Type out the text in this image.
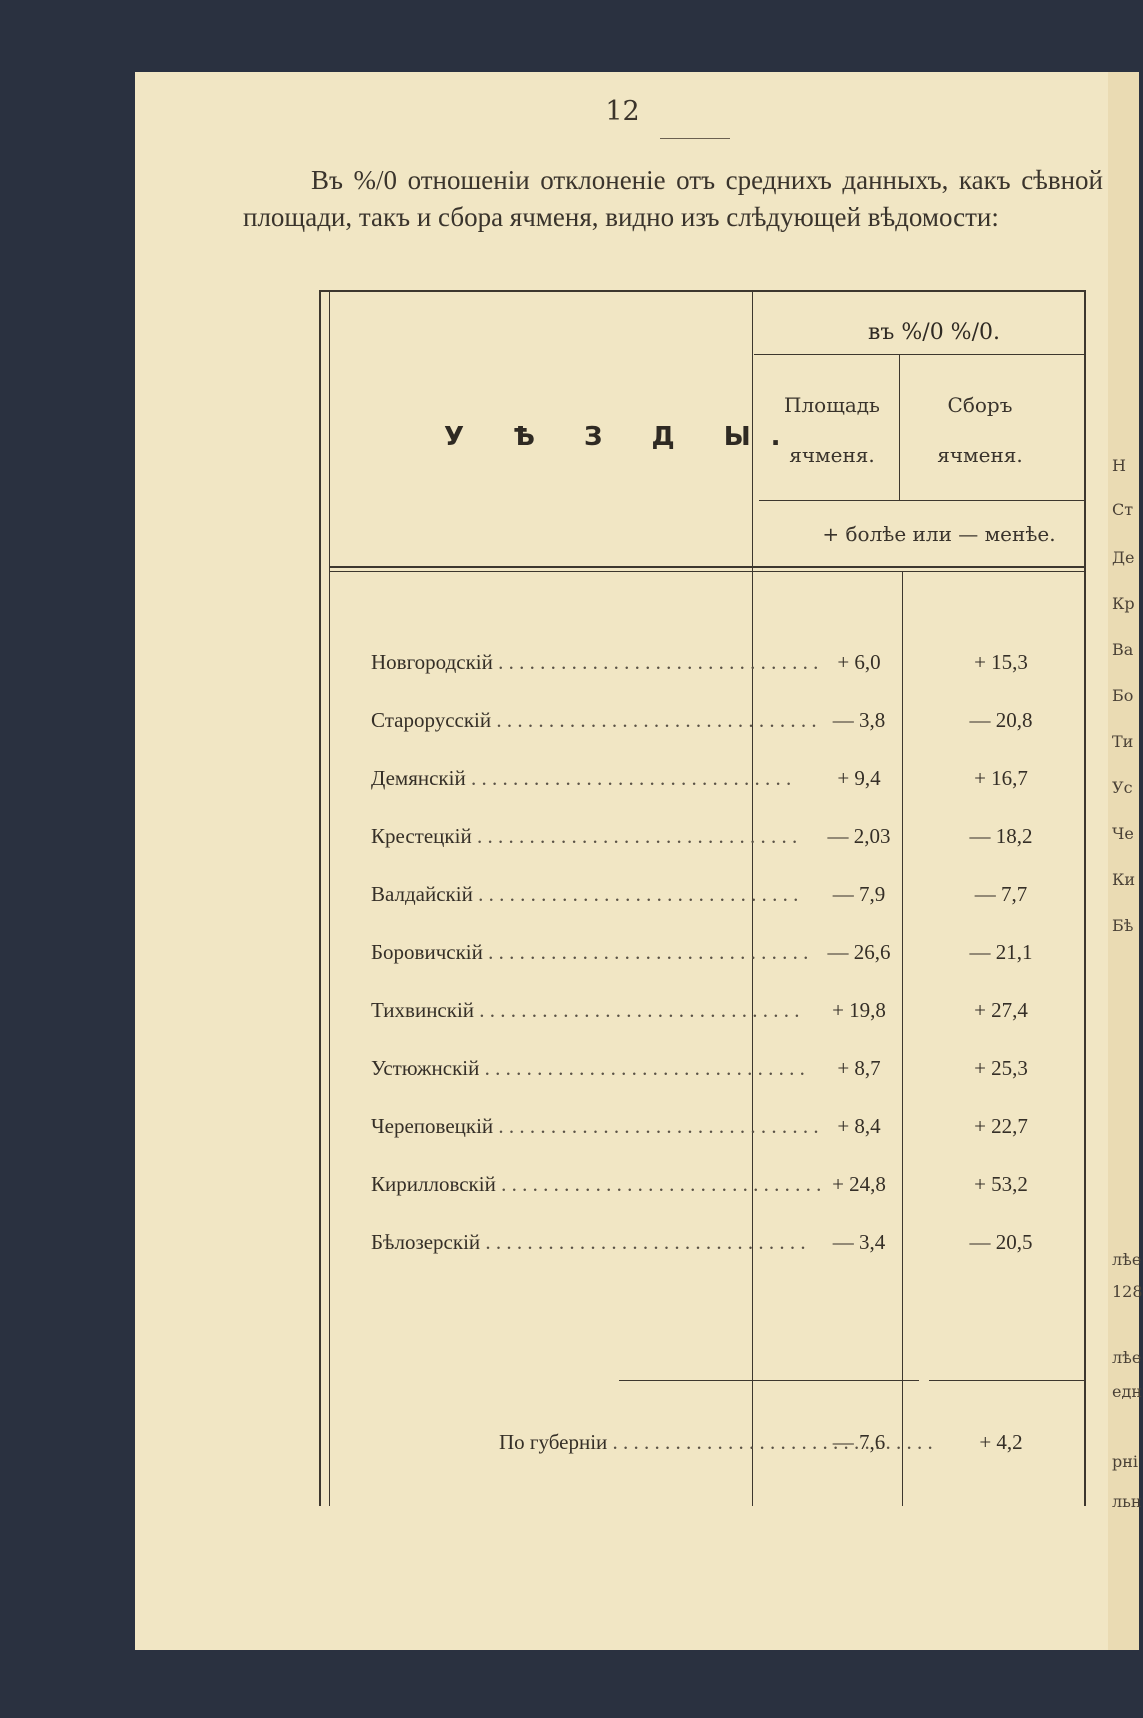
12
Въ %/0 отношенiи отклоненiе отъ среднихъ данныхъ, какъ сѣвной площади, такъ и сбора ячменя, видно изъ слѣдующей вѣдомости:
У Ѣ З Д Ы.
въ %/0 %/0.
Площадь
ячменя.
Сборъ
ячменя.
+ болѣе или — менѣе.
Новгородскiй . . .	+ 6,0	+ 15,3
Старорусскiй . . .	— 3,8	— 20,8
Демянскiй . . .	+ 9,4	+ 16,7
Крестецкiй . . .	— 2,03	— 18,2
Валдайскiй . . .	— 7,9	— 7,7
Боровичскiй . . .	— 26,6	— 21,1
Тихвинскiй . . .	+ 19,8	+ 27,4
Устюжнскiй . . .	+ 8,7	+ 25,3
Череповецкiй . . .	+ 8,4	+ 22,7
Кирилловскiй . . .	+ 24,8	+ 53,2
Бѣлозерскiй . . .	— 3,4	— 20,5
По губернiи . . .	— 7,6	+ 4,2
Н
Ст
Де
Кр
Ва
Бо
Ти
Ус
Че
Ки
Бѣ
лѣе
128
лѣе
едн
рнi
льн
